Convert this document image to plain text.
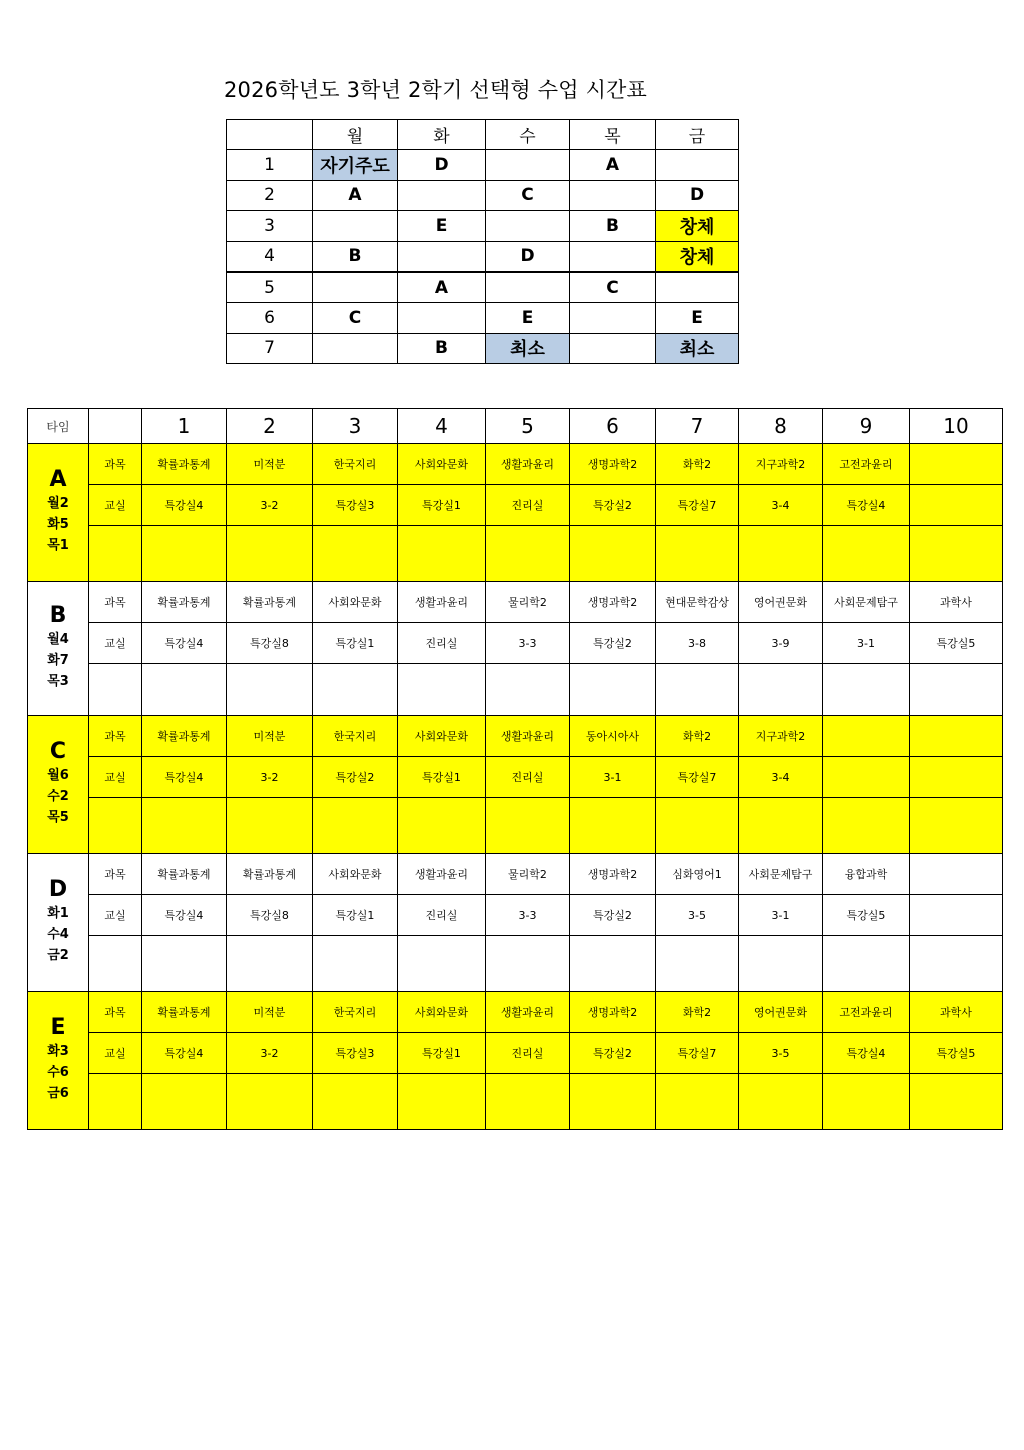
2026학년도 3학년 2학기 선택형 수업 시간표
	월	화	수	목	금
1	자기주도	D		A	
2	A		C		D
3		E		B	창체
4	B		D		창체
5		A		C	
6	C		E		E
7		B	최소		최소
타임		1	2	3	4	5	6	7	8	9	10

A
월2
화5
목1	과목	확률과통계	미적분	한국지리	사회와문화	생활과윤리	생명과학2	화학2	지구과학2	고전과윤리	
	교실	특강실4	3-2	특강실3	특강실1	진리실	특강실2	특강실7	3-4	특강실4	

B
월4
화7
목3	과목	확률과통계	확률과통계	사회와문화	생활과윤리	물리학2	생명과학2	현대문학감상	영어권문화	사회문제탐구	과학사
	교실	특강실4	특강실8	특강실1	진리실	3-3	특강실2	3-8	3-9	3-1	특강실5

C
월6
수2
목5	과목	확률과통계	미적분	한국지리	사회와문화	생활과윤리	동아시아사	화학2	지구과학2		
	교실	특강실4	3-2	특강실2	특강실1	진리실	3-1	특강실7	3-4		

D
화1
수4
금2	과목	확률과통계	확률과통계	사회와문화	생활과윤리	물리학2	생명과학2	심화영어1	사회문제탐구	융합과학	
	교실	특강실4	특강실8	특강실1	진리실	3-3	특강실2	3-5	3-1	특강실5	

E
화3
수6
금6	과목	확률과통계	미적분	한국지리	사회와문화	생활과윤리	생명과학2	화학2	영어권문화	고전과윤리	과학사
	교실	특강실4	3-2	특강실3	특강실1	진리실	특강실2	특강실7	3-5	특강실4	특강실5
